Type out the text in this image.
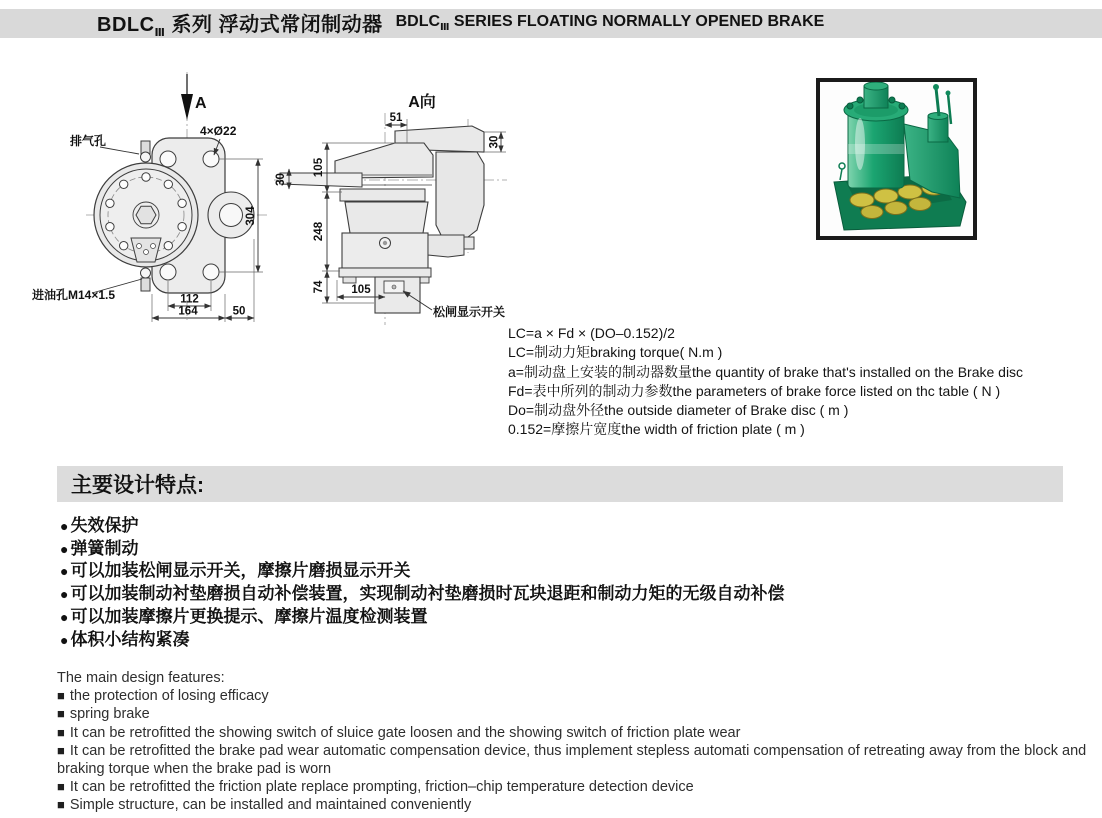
$BDLC_Ⅲ$ 系列 浮动式常闭制动器 $BDLC_Ⅲ$ SERIES FLOATING NORMALLY OPENED BRAKE
A
排气孔
进油孔M14×1.5
4×Ø22
112
164	50
304
A向
51
30
30
105
248
74 105
松闸显示开关
LC=a × Fd × (DO–0.152)/2
LC=制动力矩braking torque( N.m )
a=制动盘上安装的制动器数量the quantity of brake that's installed on the Brake disc
Fd=表中所列的制动力参数the parameters of brake force listed on thc table ( N )
Do=制动盘外径the outside diameter of Brake disc ( m )
0.152=摩擦片宽度the width of friction plate ( m )
主要设计特点:
● 失效保护
● 弹簧制动
● 可以加装松闸显示开关，摩擦片磨损显示开关
● 可以加装制动衬垫磨损自动补偿装置，实现制动衬垫磨损时瓦块退距和制动力矩的无级自动补偿
● 可以加装摩擦片更换提示、摩擦片温度检测装置
● 体积小结构紧凑
The main design features:
■ the protection of losing efficacy
■ spring brake
■ It can be retrofitted the showing switch of sluice gate loosen and the showing switch of friction plate wear
■ It can be retrofitted the brake pad wear automatic compensation device, thus implement stepless automati compensation of retreating away from the block and braking torque when the brake pad is worn
■ It can be retrofitted the friction plate replace prompting, friction–chip temperature detection device
■ Simple structure, can be installed and maintained conveniently
